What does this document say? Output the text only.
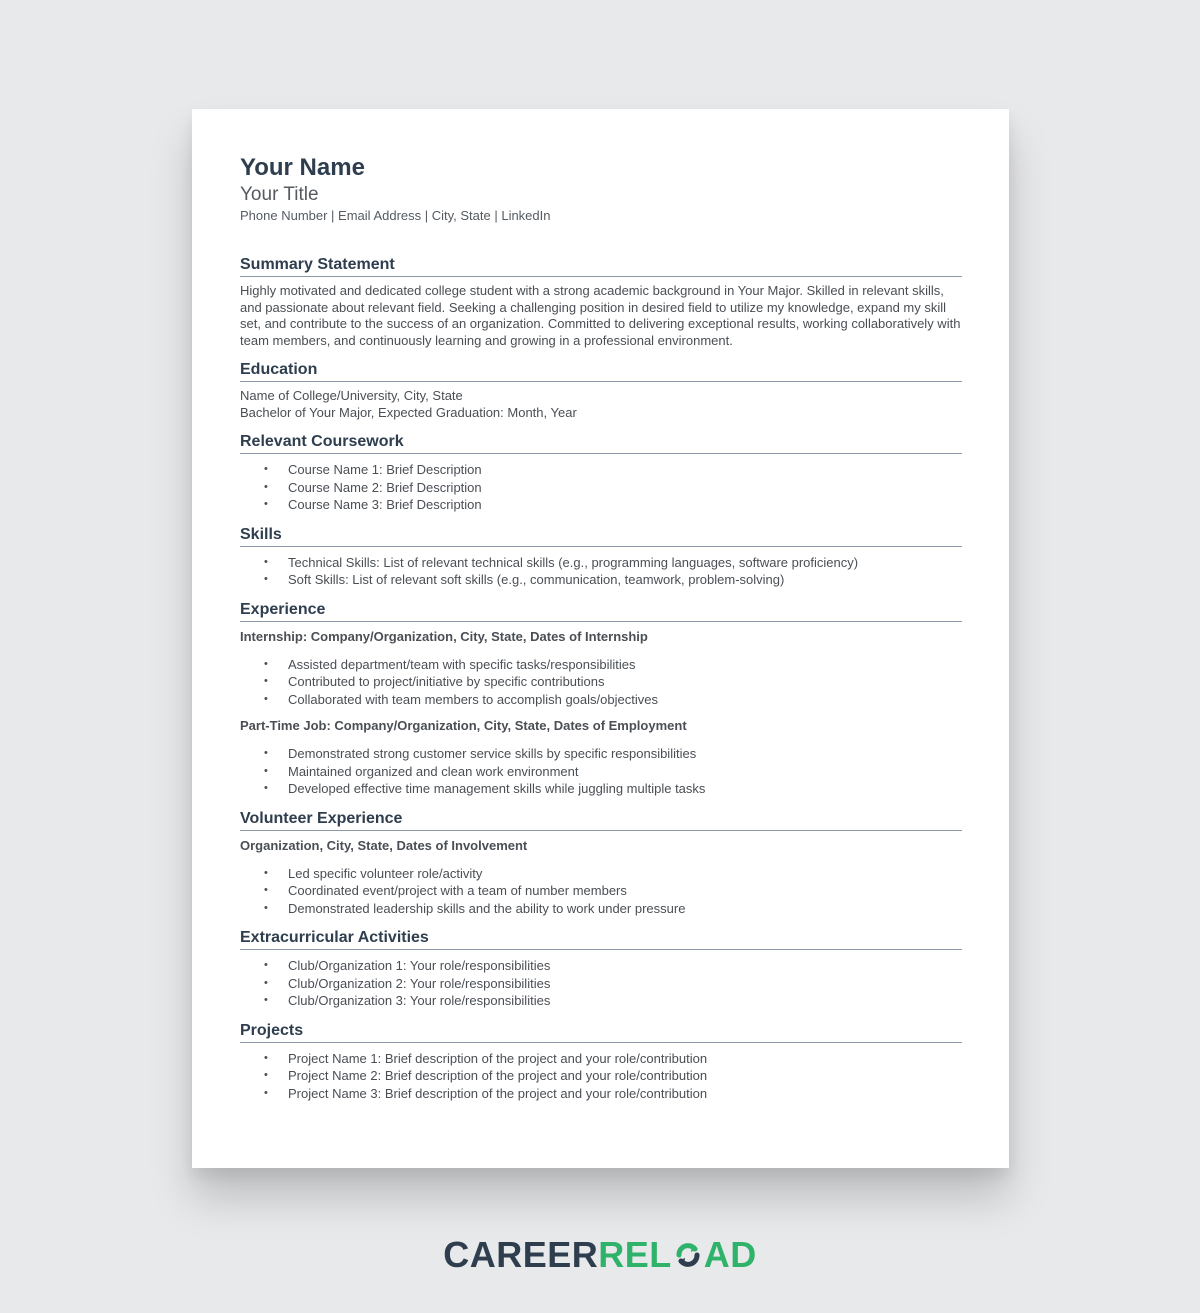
Your Name
Your Title
Phone Number | Email Address | City, State | LinkedIn
Summary Statement

Highly motivated and dedicated college student with a strong academic background in Your Major. Skilled in relevant skills, and passionate about relevant field. Seeking a challenging position in desired field to utilize my knowledge, expand my skill set, and contribute to the success of an organization. Committed to delivering exceptional results, working collaboratively with team members, and continuously learning and growing in a professional environment.

Education

Name of College/University, City, State

Bachelor of Your Major, Expected Graduation: Month, Year

Relevant Coursework
• Course Name 1: Brief Description
• Course Name 2: Brief Description
• Course Name 3: Brief Description
Skills
• Technical Skills: List of relevant technical skills (e.g., programming languages, software proficiency)
• Soft Skills: List of relevant soft skills (e.g., communication, teamwork, problem-solving)
Experience
Internship: Company/Organization, City, State, Dates of Internship
• Assisted department/team with specific tasks/responsibilities
• Contributed to project/initiative by specific contributions
• Collaborated with team members to accomplish goals/objectives
Part-Time Job: Company/Organization, City, State, Dates of Employment
• Demonstrated strong customer service skills by specific responsibilities
• Maintained organized and clean work environment
• Developed effective time management skills while juggling multiple tasks
Volunteer Experience
Organization, City, State, Dates of Involvement
• Led specific volunteer role/activity
• Coordinated event/project with a team of number members
• Demonstrated leadership skills and the ability to work under pressure
Extracurricular Activities
• Club/Organization 1: Your role/responsibilities
• Club/Organization 2: Your role/responsibilities
• Club/Organization 3: Your role/responsibilities
Projects
• Project Name 1: Brief description of the project and your role/contribution
• Project Name 2: Brief description of the project and your role/contribution
• Project Name 3: Brief description of the project and your role/contribution
CAREERREL AD
